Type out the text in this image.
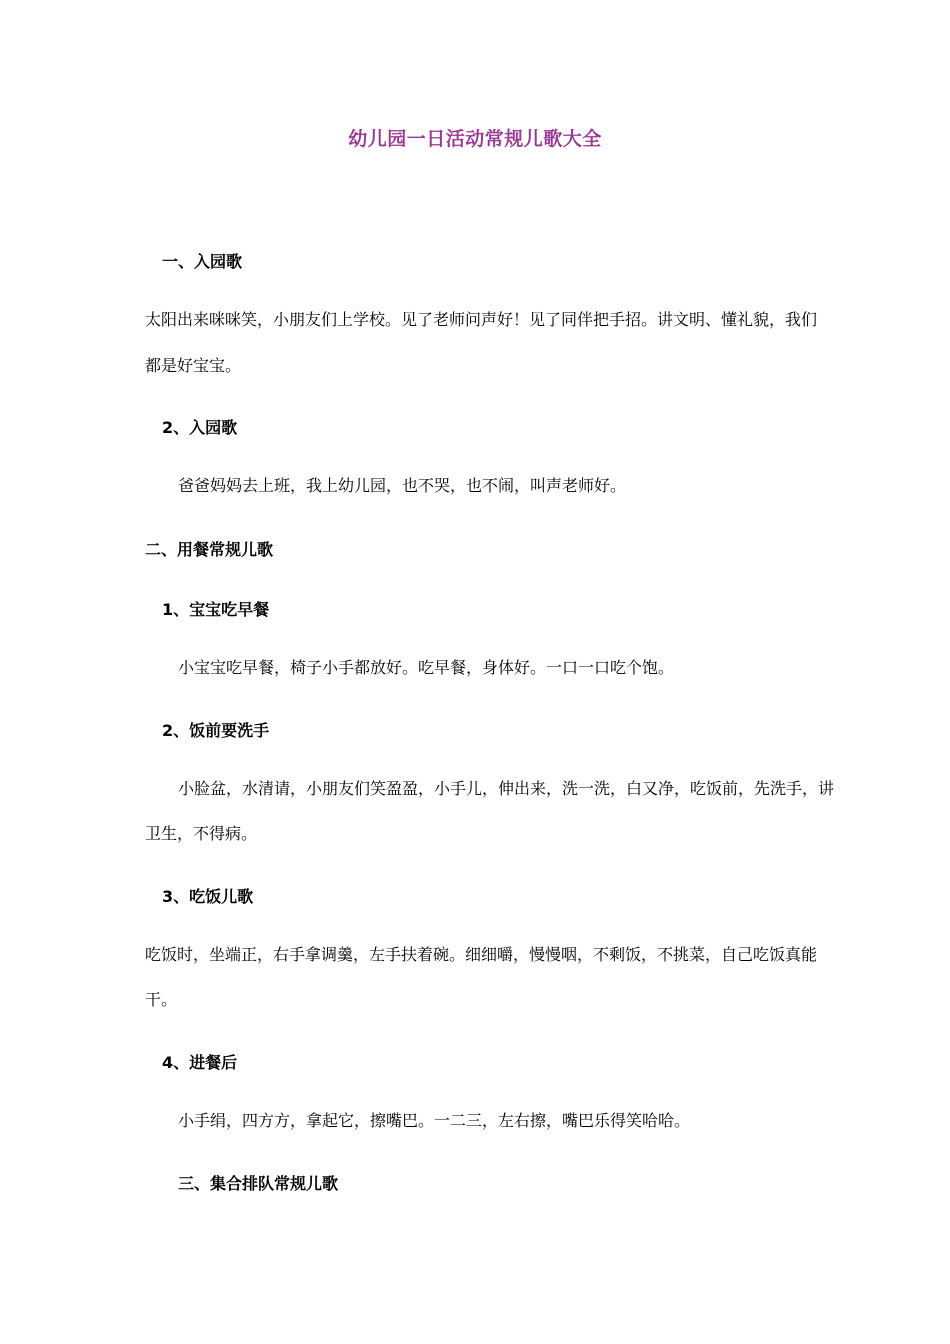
幼儿园一日活动常规儿歌大全
一、入园歌
太阳出来咪咪笑，小朋友们上学校。见了老师问声好！见了同伴把手招。讲文明、懂礼貌，我们
都是好宝宝。
2、入园歌
爸爸妈妈去上班，我上幼儿园，也不哭，也不闹，叫声老师好。
二、用餐常规儿歌
1、宝宝吃早餐
小宝宝吃早餐，椅子小手都放好。吃早餐，身体好。一口一口吃个饱。
2、饭前要洗手
小脸盆，水清请，小朋友们笑盈盈，小手儿，伸出来，洗一洗，白又净，吃饭前，先洗手，讲
卫生，不得病。
3、吃饭儿歌
吃饭时，坐端正，右手拿调羹，左手扶着碗。细细嚼，慢慢咽，不剩饭，不挑菜，自己吃饭真能
干。
4、进餐后
小手绢，四方方，拿起它，擦嘴巴。一二三，左右擦，嘴巴乐得笑哈哈。
三、集合排队常规儿歌
